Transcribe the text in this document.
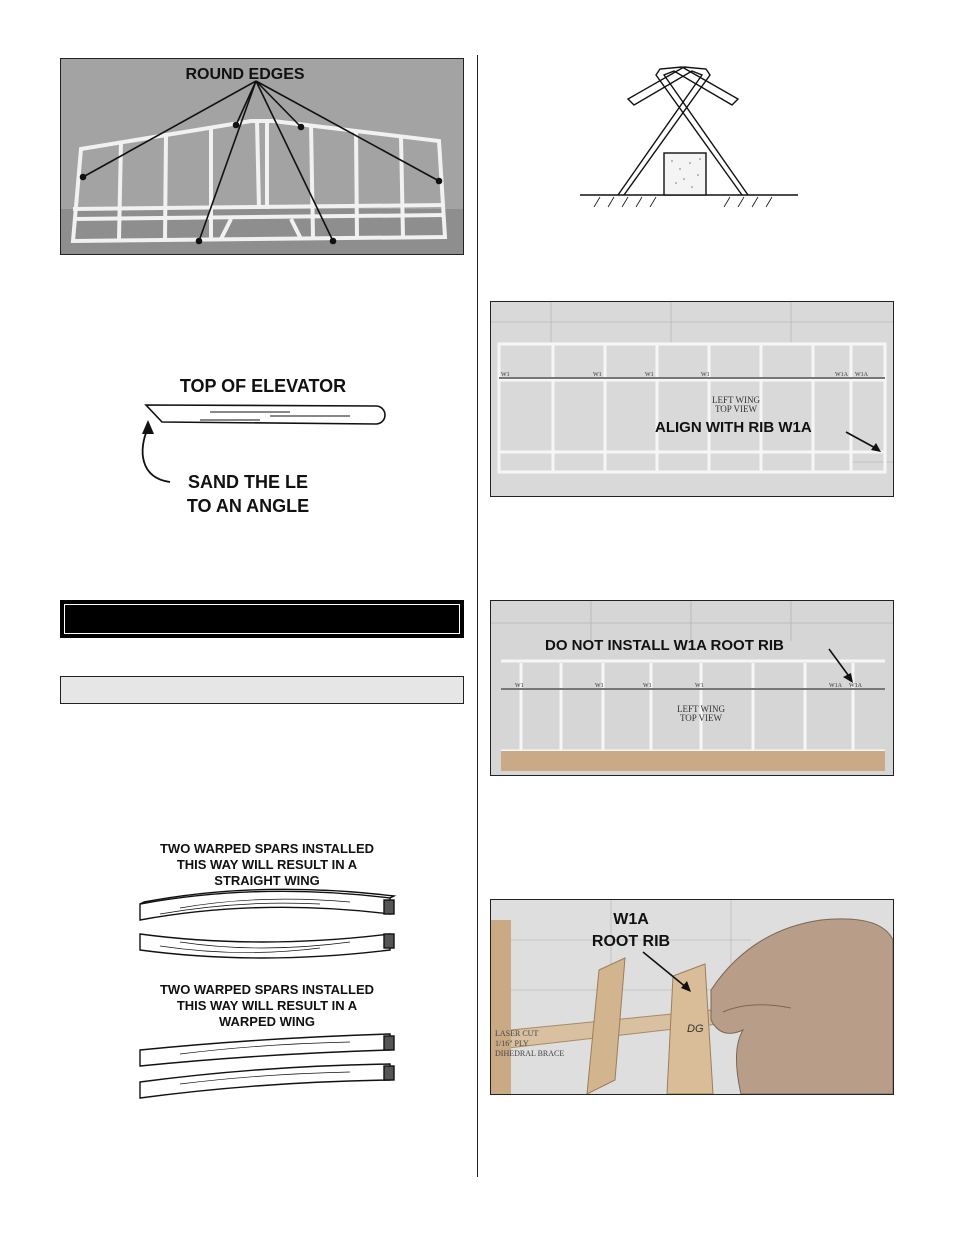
ROUND EDGES
TOP OF ELEVATOR
SAND THE LE
TO AN ANGLE
TWO WARPED SPARS INSTALLED
THIS WAY WILL RESULT IN A
STRAIGHT WING
TWO WARPED SPARS INSTALLED
THIS WAY WILL RESULT IN A
WARPED WING
W1	W1	W1	W1	W1A W1A
LEFT WING
TOP VIEW
ALIGN WITH RIB W1A
W1	W1	W1	W1	W1A W1A
LEFT WING
TOP VIEW
DO NOT INSTALL W1A ROOT RIB
DG
LASER CUT
1/16" PLY
DIHEDRAL BRACE
W1A
ROOT RIB
